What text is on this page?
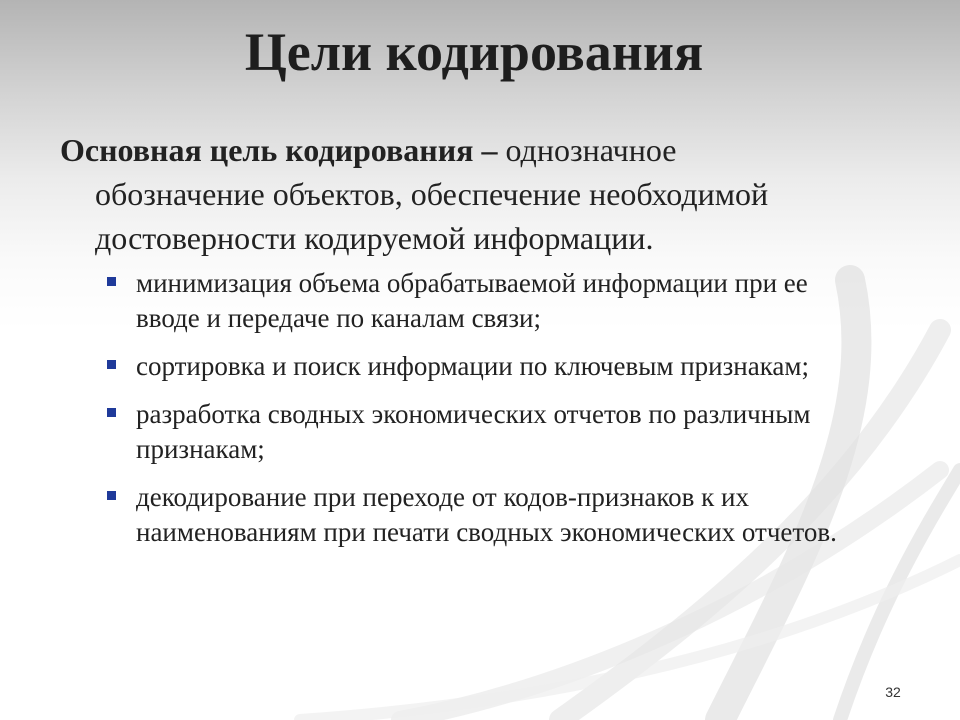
Цели кодирования

Основная цель кодирования – однозначное обозначение объектов, обеспечение необходимой достоверности кодируемой информации.

минимизация объема обрабатываемой информации при ее вводе и передаче по каналам связи;
сортировка и поиск информации по ключевым признакам;
разработка сводных экономических отчетов по различным признакам;
декодирование при переходе от кодов-признаков к их наименованиям при печати сводных экономических отчетов.
32
